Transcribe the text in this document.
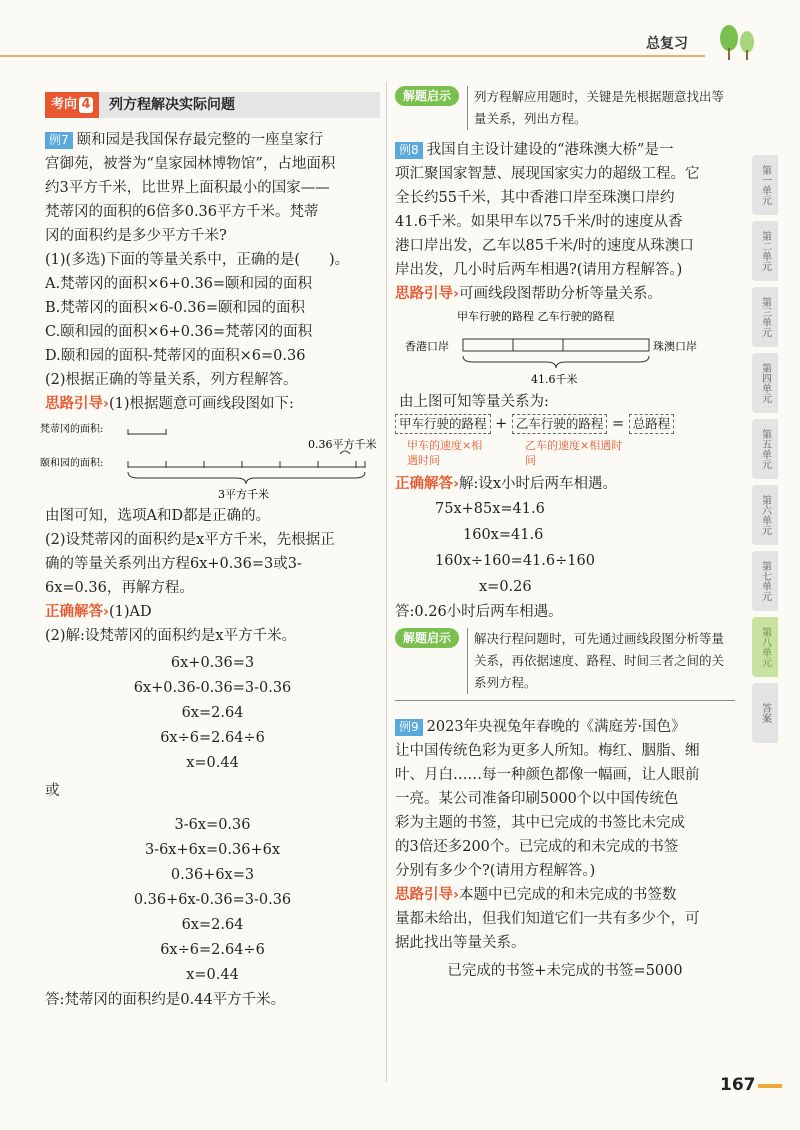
总复习
考向 4	列方程解决实际问题

例7 颐和园是我国保存最完整的一座皇家行

宫御苑，被誉为“皇家园林博物馆”，占地面积

约3平方千米，比世界上面积最小的国家——

梵蒂冈的面积的6倍多0.36平方千米。梵蒂

冈的面积约是多少平方千米?

(1)(多选)下面的等量关系中，正确的是(　　)。

A.梵蒂冈的面积×6+0.36=颐和园的面积

B.梵蒂冈的面积×6-0.36=颐和园的面积

C.颐和园的面积×6+0.36=梵蒂冈的面积

D.颐和园的面积-梵蒂冈的面积×6=0.36

(2)根据正确的等量关系，列方程解答。

思路引导›(1)根据题意可画线段图如下:

梵蒂冈的面积:
0.36平方千米
颐和园的面积:
3平方千米

由图可知，选项A和D都是正确的。

(2)设梵蒂冈的面积约是x平方千米，先根据正

确的等量关系列出方程6x+0.36=3或3-

6x=0.36，再解方程。

正确解答›(1)AD

(2)解:设梵蒂冈的面积约是x平方千米。

6x+0.36=3

6x+0.36-0.36=3-0.36

6x=2.64

6x÷6=2.64÷6

x=0.44

或

3-6x=0.36

3-6x+6x=0.36+6x

0.36+6x=3

0.36+6x-0.36=3-0.36

6x=2.64

6x÷6=2.64÷6

x=0.44

答:梵蒂冈的面积约是0.44平方千米。

解题启示	列方程解应用题时，关键是先根据题意找出等量关系，列出方程。

例8 我国自主设计建设的“港珠澳大桥”是一

项汇聚国家智慧、展现国家实力的超级工程。它

全长约55千米，其中香港口岸至珠澳口岸约

41.6千米。如果甲车以75千米/时的速度从香

港口岸出发，乙车以85千米/时的速度从珠澳口

岸出发，几小时后两车相遇?(请用方程解答。)

思路引导›可画线段图帮助分析等量关系。

甲车行驶的路程 乙车行驶的路程
香港口岸	珠澳口岸
41.6千米

由上图可知等量关系为:

甲车行驶的路程 + 乙车行驶的路程 = 总路程
甲车的速度×相遇时间
乙车的速度×相遇时间

正确解答›解:设x小时后两车相遇。

75x+85x=41.6

160x=41.6

160x÷160=41.6÷160

x=0.26

答:0.26小时后两车相遇。

解题启示	解决行程问题时，可先通过画线段图分析等量关系，再依据速度、路程、时间三者之间的关系列方程。

例9 2023年央视兔年春晚的《满庭芳·国色》

让中国传统色彩为更多人所知。梅红、胭脂、缃

叶、月白……每一种颜色都像一幅画，让人眼前

一亮。某公司准备印刷5000个以中国传统色

彩为主题的书签，其中已完成的书签比未完成

的3倍还多200个。已完成的和未完成的书签

分别有多少个?(请用方程解答。)

思路引导›本题中已完成的和未完成的书签数

量都未给出，但我们知道它们一共有多少个，可

据此找出等量关系。

已完成的书签+未完成的书签=5000

第一单元
第二单元
第三单元
第四单元
第五单元
第六单元
第七单元
第八单元
答案
167
